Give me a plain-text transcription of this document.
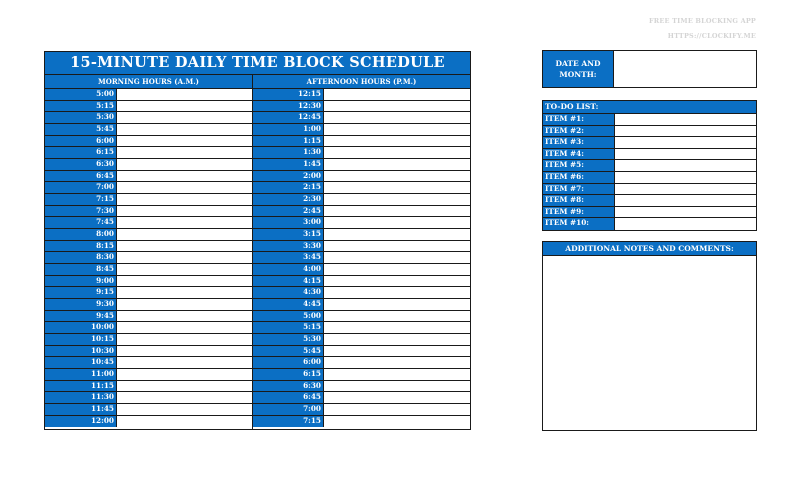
FREE TIME BLOCKING APP
HTTPS://CLOCKIFY.ME
15-MINUTE DAILY TIME BLOCK SCHEDULE
MORNING HOURS (A.M.)
5:00
5:15
5:30
5:45
6:00
6:15
6:30
6:45
7:00
7:15
7:30
7:45
8:00
8:15
8:30
8:45
9:00
9:15
9:30
9:45
10:00
10:15
10:30
10:45
11:00
11:15
11:30
11:45
12:00
AFTERNOON HOURS (P.M.)
12:15
12:30
12:45
1:00
1:15
1:30
1:45
2:00
2:15
2:30
2:45
3:00
3:15
3:30
3:45
4:00
4:15
4:30
4:45
5:00
5:15
5:30
5:45
6:00
6:15
6:30
6:45
7:00
7:15
DATE AND
MONTH:
TO-DO LIST:
ITEM #1:
ITEM #2:
ITEM #3:
ITEM #4:
ITEM #5:
ITEM #6:
ITEM #7:
ITEM #8:
ITEM #9:
ITEM #10:
ADDITIONAL NOTES AND COMMENTS:
